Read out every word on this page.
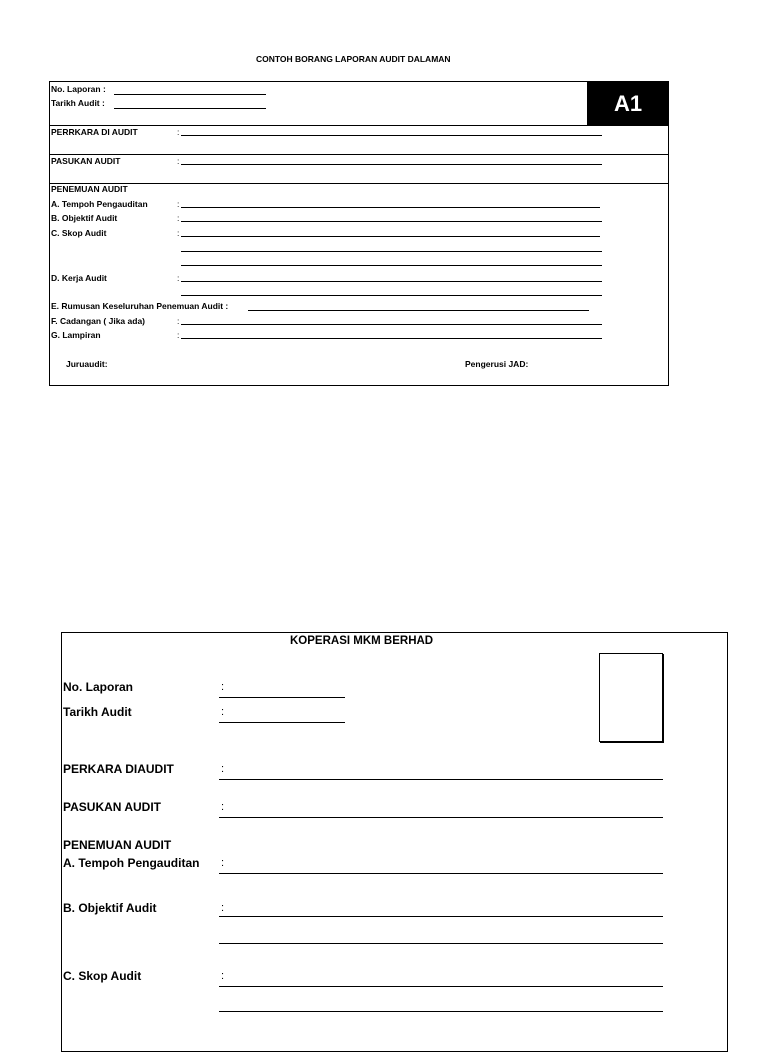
CONTOH BORANG LAPORAN AUDIT DALAMAN
A1
No. Laporan :
Tarikh Audit :
PERRKARA DI AUDIT	:
PASUKAN AUDIT	:
PENEMUAN AUDIT
A. Tempoh Pengauditan	:
B. Objektif Audit	:
C. Skop Audit	:
D. Kerja Audit	:
E. Rumusan Keseluruhan Penemuan Audit :
F. Cadangan ( Jika ada)	:
G. Lampiran	:
Juruaudit:	Pengerusi JAD:
KOPERASI MKM BERHAD
No. Laporan	:
Tarikh Audit	:
PERKARA DIAUDIT	:
PASUKAN AUDIT	:
PENEMUAN AUDIT
A. Tempoh Pengauditan :
B. Objektif Audit	:
C. Skop Audit	:
